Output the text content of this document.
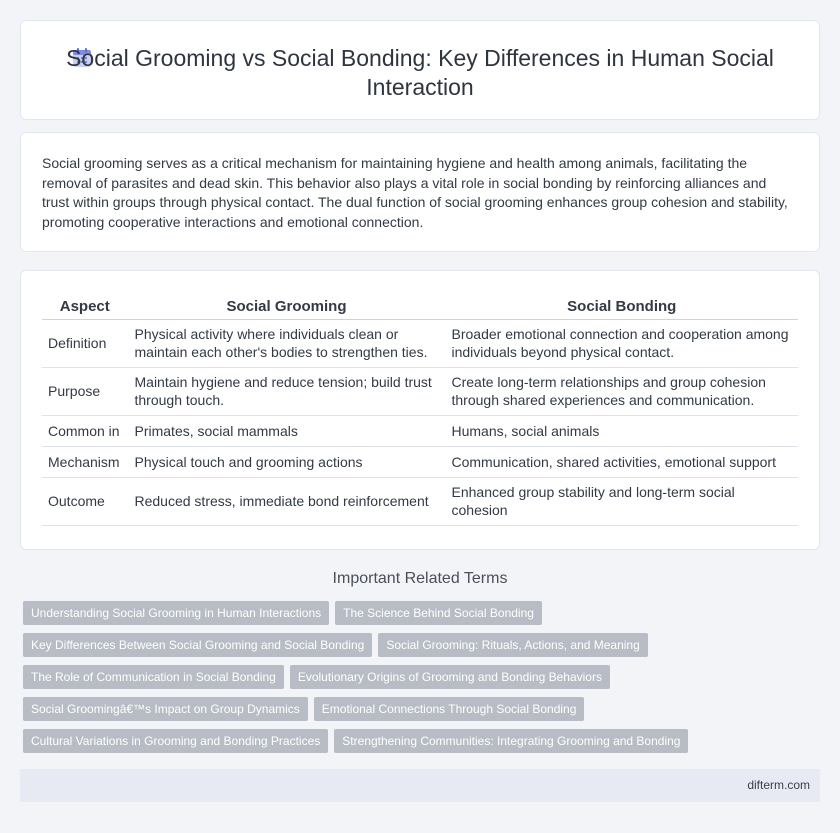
Social Grooming vs Social Bonding: Key Differences in Human Social Interaction

Social grooming serves as a critical mechanism for maintaining hygiene and health among animals, facilitating the removal of parasites and dead skin. This behavior also plays a vital role in social bonding by reinforcing alliances and trust within groups through physical contact. The dual function of social grooming enhances group cohesion and stability, promoting cooperative interactions and emotional connection.

Aspect	Social Grooming	Social Bonding
Definition	Physical activity where individuals clean or maintain each other's bodies to strengthen ties.	Broader emotional connection and cooperation among individuals beyond physical contact.
Purpose	Maintain hygiene and reduce tension; build trust through touch.	Create long-term relationships and group cohesion through shared experiences and communication.
Common in	Primates, social mammals	Humans, social animals
Mechanism	Physical touch and grooming actions	Communication, shared activities, emotional support
Outcome	Reduced stress, immediate bond reinforcement	Enhanced group stability and long-term social cohesion
Important Related Terms
Understanding Social Grooming in Human Interactions The Science Behind Social Bonding
Key Differences Between Social Grooming and Social Bonding Social Grooming: Rituals, Actions, and Meaning
The Role of Communication in Social Bonding Evolutionary Origins of Grooming and Bonding Behaviors
Social Groomingâ€™s Impact on Group Dynamics Emotional Connections Through Social Bonding
Cultural Variations in Grooming and Bonding Practices Strengthening Communities: Integrating Grooming and Bonding
difterm.com
